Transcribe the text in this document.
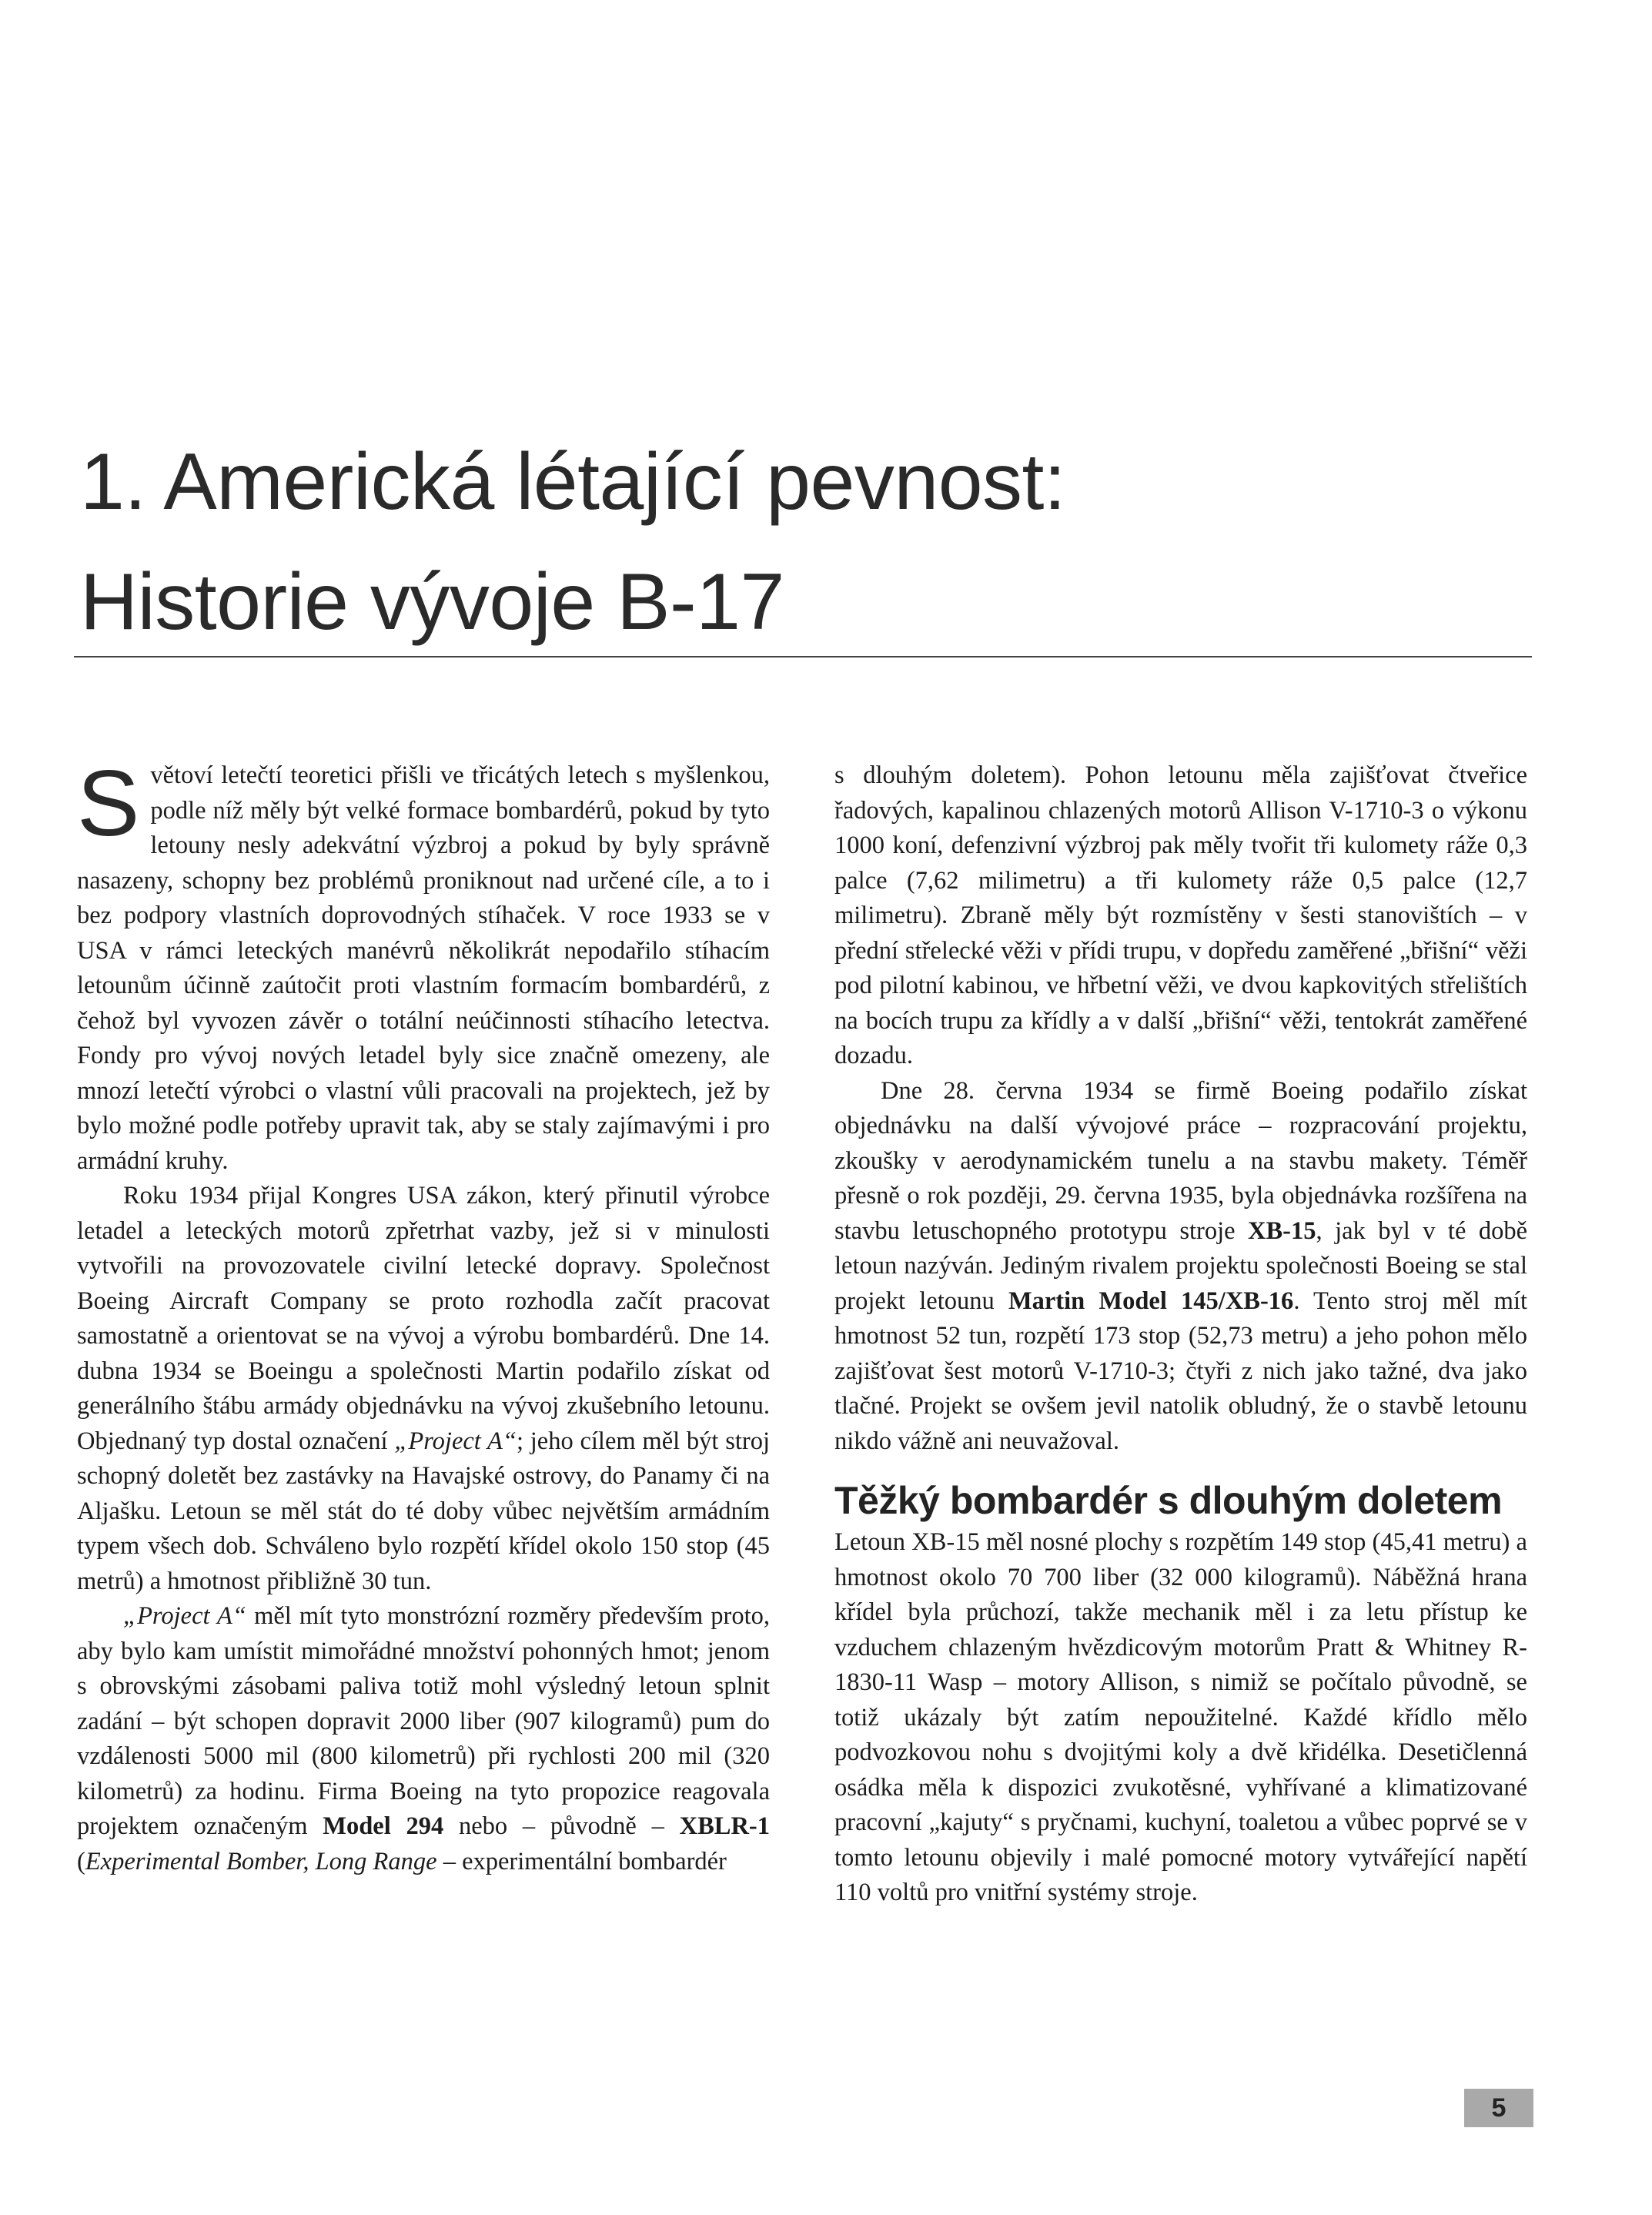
1. Americká létající pevnost:
Historie vývoje B-17

Světoví letečtí teoretici přišli ve třicátých letech s myšlenkou, podle níž měly být velké formace bombardérů, pokud by tyto letouny nesly adekvátní výzbroj a pokud by byly správně nasazeny, schopny bez problémů proniknout nad určené cíle, a to i bez podpory vlastních doprovodných stíhaček. V roce 1933 se v USA v rámci leteckých manévrů několikrát nepodařilo stíhacím letounům účinně zaútočit proti vlastním formacím bombardérů, z čehož byl vyvozen závěr o totální neúčinnosti stíhacího letectva. Fondy pro vývoj nových letadel byly sice značně omezeny, ale mnozí letečtí výrobci o vlastní vůli pracovali na projektech, jež by bylo možné podle potřeby upravit tak, aby se staly zajímavými i pro armádní kruhy.

Roku 1934 přijal Kongres USA zákon, který přinutil výrobce letadel a leteckých motorů zpřetrhat vazby, jež si v minulosti vytvořili na provozovatele civilní letecké dopravy. Společnost Boeing Aircraft Company se proto rozhodla začít pracovat samostatně a orientovat se na vývoj a výrobu bombardérů. Dne 14. dubna 1934 se Boeingu a společnosti Martin podařilo získat od generálního štábu armády objednávku na vývoj zkušebního letounu. Objednaný typ dostal označení „Project A“; jeho cílem měl být stroj schopný doletět bez zastávky na Havajské ostrovy, do Panamy či na Aljašku. Letoun se měl stát do té doby vůbec největším armádním typem všech dob. Schváleno bylo rozpětí křídel okolo 150 stop (45 metrů) a hmotnost přibližně 30 tun.

„Project A“ měl mít tyto monstrózní rozměry především proto, aby bylo kam umístit mimořádné množství pohonných hmot; jenom s obrovskými zásobami paliva totiž mohl výsledný letoun splnit zadání – být schopen dopravit 2000 liber (907 kilogramů) pum do vzdálenosti 5000 mil (800 kilometrů) při rychlosti 200 mil (320 kilometrů) za hodinu. Firma Boeing na tyto propozice reagovala projektem označeným Model 294 nebo – původně – XBLR-1 (Experimental Bomber, Long Range – experimentální bombardér

s dlouhým doletem). Pohon letounu měla zajišťovat čtveřice řadových, kapalinou chlazených motorů Allison V-1710-3 o výkonu 1000 koní, defenzivní výzbroj pak měly tvořit tři kulomety ráže 0,3 palce (7,62 milimetru) a tři kulomety ráže 0,5 palce (12,7 milimetru). Zbraně měly být rozmístěny v šesti stanovištích – v přední střelecké věži v přídi trupu, v dopředu zaměřené „břišní“ věži pod pilotní kabinou, ve hřbetní věži, ve dvou kapkovitých střelištích na bocích trupu za křídly a v další „břišní“ věži, tentokrát zaměřené dozadu.

Dne 28. června 1934 se firmě Boeing podařilo získat objednávku na další vývojové práce – rozpracování projektu, zkoušky v aerodynamickém tunelu a na stavbu makety. Téměř přesně o rok později, 29. června 1935, byla objednávka rozšířena na stavbu letuschopného prototypu stroje XB-15, jak byl v té době letoun nazýván. Jediným rivalem projektu společnosti Boeing se stal projekt letounu Martin Model 145/XB-16. Tento stroj měl mít hmotnost 52 tun, rozpětí 173 stop (52,73 metru) a jeho pohon mělo zajišťovat šest motorů V-1710-3; čtyři z nich jako tažné, dva jako tlačné. Projekt se ovšem jevil natolik obludný, že o stavbě letounu nikdo vážně ani neuvažoval.

Těžký bombardér s dlouhým doletem

Letoun XB-15 měl nosné plochy s rozpětím 149 stop (45,41 metru) a hmotnost okolo 70 700 liber (32 000 kilogramů). Náběžná hrana křídel byla průchozí, takže mechanik měl i za letu přístup ke vzduchem chlazeným hvězdicovým motorům Pratt & Whitney R-1830-11 Wasp – motory Allison, s nimiž se počítalo původně, se totiž ukázaly být zatím nepoužitelné. Každé křídlo mělo podvozkovou nohu s dvojitými koly a dvě křidélka. Desetičlenná osádka měla k dispozici zvukotěsné, vyhřívané a klimatizované pracovní „kajuty“ s pryčnami, kuchyní, toaletou a vůbec poprvé se v tomto letounu objevily i malé pomocné motory vytvářející napětí 110 voltů pro vnitřní systémy stroje.

5
